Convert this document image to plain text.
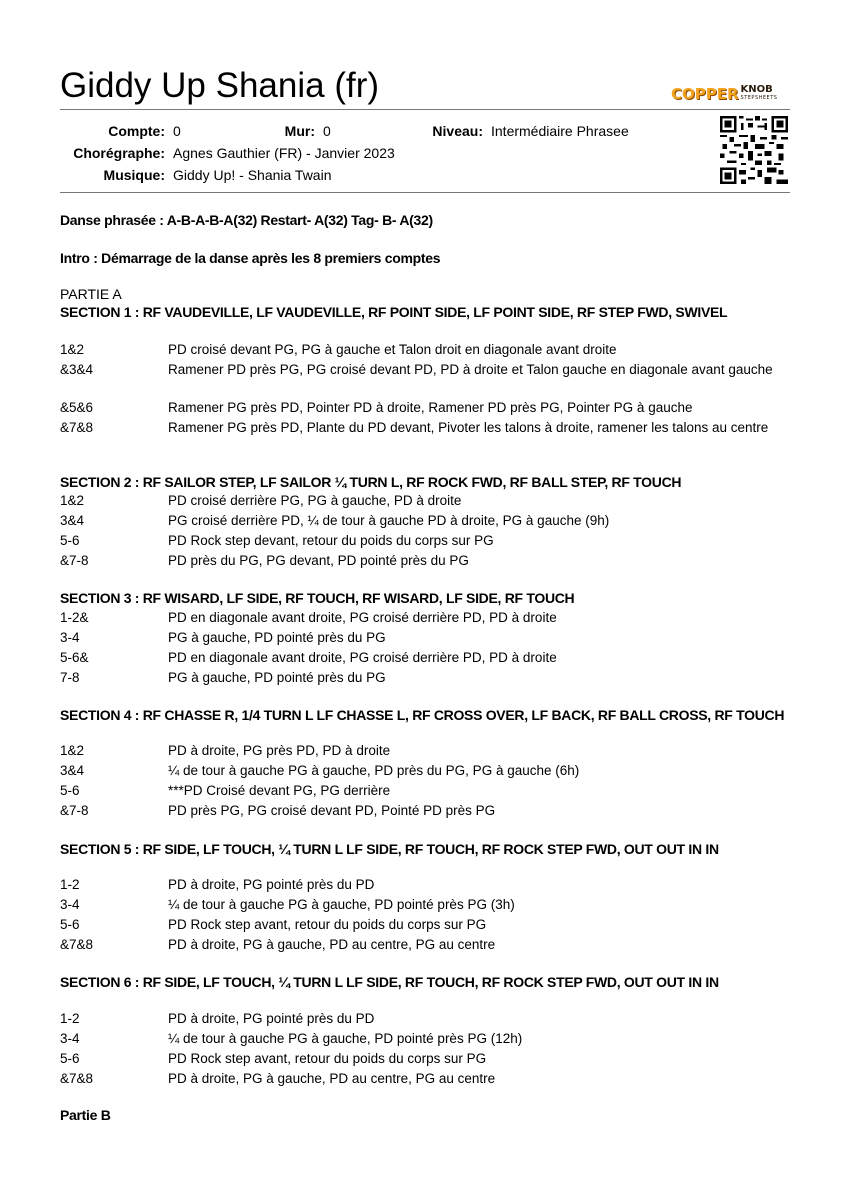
Giddy Up Shania (fr)	COPPER KNOB
STEPSHEETS
Compte: 0
Chorégraphe: Agnes Gauthier (FR) - Janvier 2023
Musique: Giddy Up! - Shania Twain
Mur: 0	Niveau: Intermédiaire Phrasee
Danse phrasée : A-B-A-B-A(32) Restart- A(32) Tag- B- A(32)
Intro : Démarrage de la danse après les 8 premiers comptes
PARTIE A
SECTION 1 : RF VAUDEVILLE, LF VAUDEVILLE, RF POINT SIDE, LF POINT SIDE, RF STEP FWD, SWIVEL
1&2	PD croisé devant PG, PG à gauche et Talon droit en diagonale avant droite
&3&4	Ramener PD près PG, PG croisé devant PD, PD à droite et Talon gauche en diagonale avant gauche
&5&6	Ramener PG près PD, Pointer PD à droite, Ramener PD près PG, Pointer PG à gauche
&7&8	Ramener PG près PD, Plante du PD devant, Pivoter les talons à droite, ramener les talons au centre
SECTION 2 : RF SAILOR STEP, LF SAILOR ¼ TURN L, RF ROCK FWD, RF BALL STEP, RF TOUCH
1&2	PD croisé derrière PG, PG à gauche, PD à droite
3&4	PG croisé derrière PD, ¼ de tour à gauche PD à droite, PG à gauche (9h)
5-6	PD Rock step devant, retour du poids du corps sur PG
&7-8	PD près du PG, PG devant, PD pointé près du PG
SECTION 3 : RF WISARD, LF SIDE, RF TOUCH, RF WISARD, LF SIDE, RF TOUCH
1-2&	PD en diagonale avant droite, PG croisé derrière PD, PD à droite
3-4	PG à gauche, PD pointé près du PG
5-6&	PD en diagonale avant droite, PG croisé derrière PD, PD à droite
7-8	PG à gauche, PD pointé près du PG
SECTION 4 : RF CHASSE R, 1/4 TURN L LF CHASSE L, RF CROSS OVER, LF BACK, RF BALL CROSS, RF TOUCH
1&2	PD à droite, PG près PD, PD à droite
3&4	¼ de tour à gauche PG à gauche, PD près du PG, PG à gauche (6h)
5-6	***PD Croisé devant PG, PG derrière
&7-8	PD près PG, PG croisé devant PD, Pointé PD près PG
SECTION 5 : RF SIDE, LF TOUCH, ¼ TURN L LF SIDE, RF TOUCH, RF ROCK STEP FWD, OUT OUT IN IN
1-2	PD à droite, PG pointé près du PD
3-4	¼ de tour à gauche PG à gauche, PD pointé près PG (3h)
5-6	PD Rock step avant, retour du poids du corps sur PG
&7&8	PD à droite, PG à gauche, PD au centre, PG au centre
SECTION 6 : RF SIDE, LF TOUCH, ¼ TURN L LF SIDE, RF TOUCH, RF ROCK STEP FWD, OUT OUT IN IN
1-2	PD à droite, PG pointé près du PD
3-4	¼ de tour à gauche PG à gauche, PD pointé près PG (12h)
5-6	PD Rock step avant, retour du poids du corps sur PG
&7&8	PD à droite, PG à gauche, PD au centre, PG au centre
Partie B
